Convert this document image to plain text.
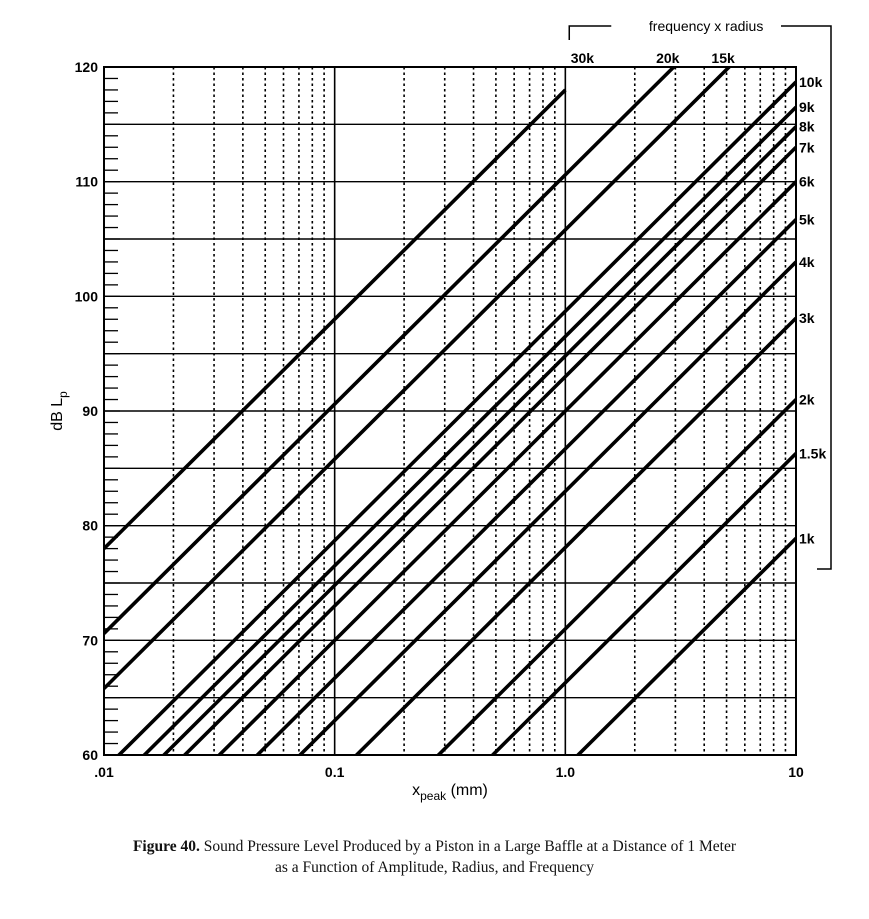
30k	20k 15k
10k
9k
8k
7k
6k
5k
4k
3k
2k
1.5k
1k
60
70
80
90
100
110
120
.01	0.1	1.0	10
dB $L_p$
$x_{peak}$ (mm)
frequency x radius
Figure 40. Sound Pressure Level Produced by a Piston in a Large Baffle at a Distance of 1 Meter
as a Function of Amplitude, Radius, and Frequency
